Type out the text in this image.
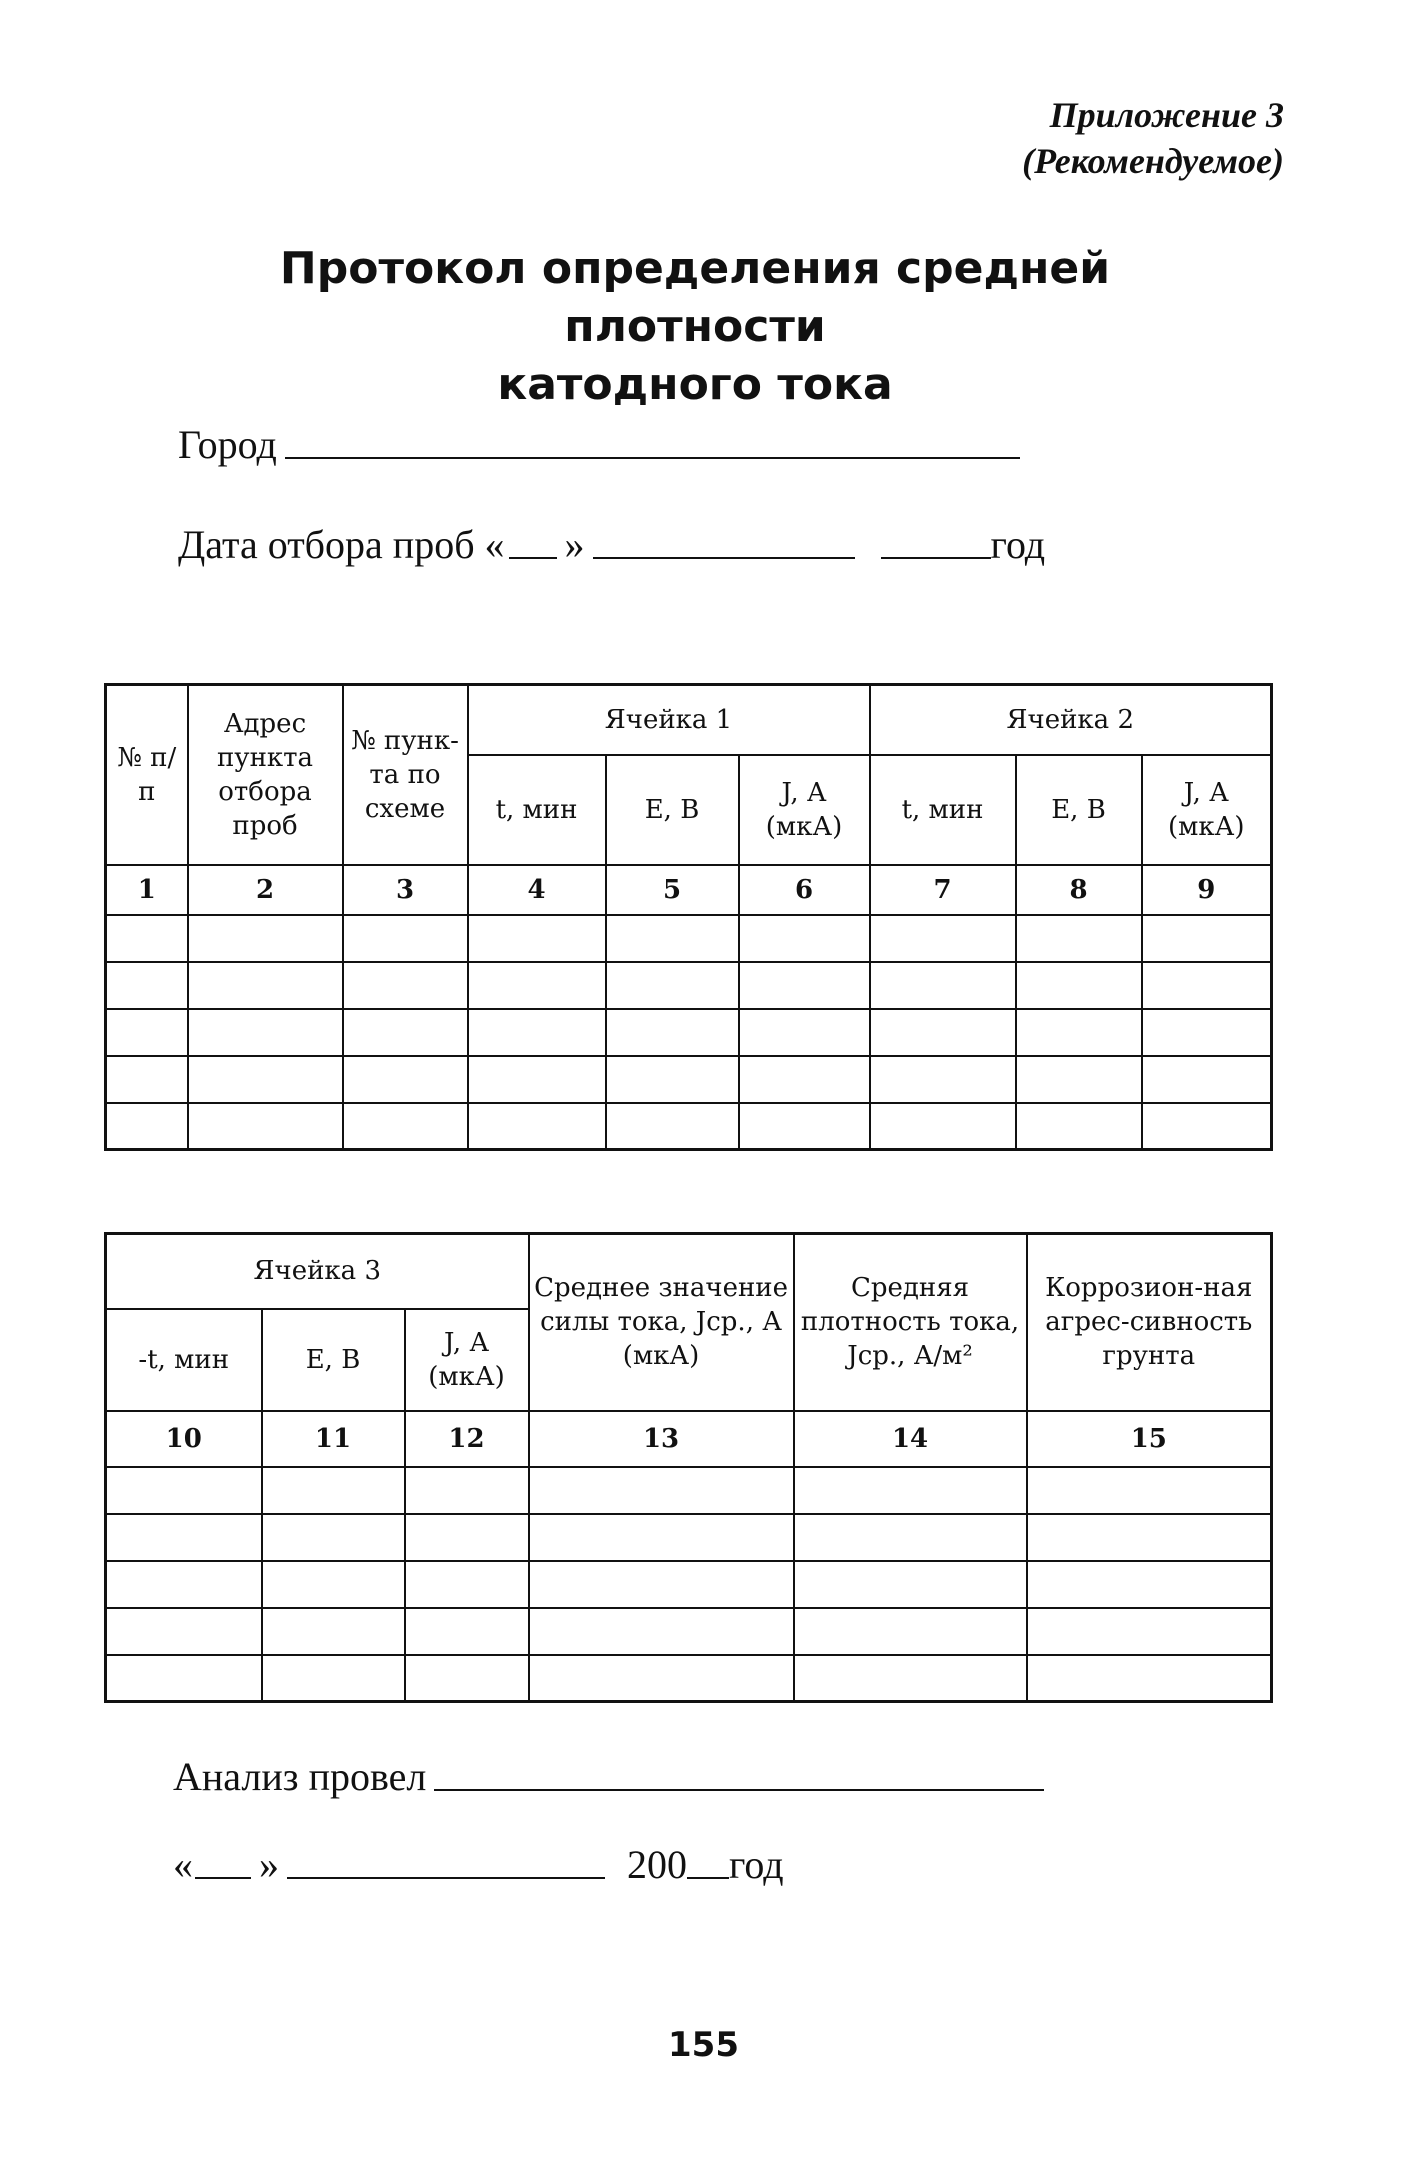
Приложение 3
(Рекомендуемое)
Протокол определения средней плотности
катодного тока
Город
Дата отбора проб « »	год
№ п/п	Адрес пункта отбора проб	№ пунк-та по схеме	Ячейка 1			Ячейка 2		
			t, мин	E, В	J, А (мкА)	t, мин	E, В	J, А (мкА)
1	2	3	4	5	6	7	8	9

Ячейка 3			Среднее значение силы тока, Jср., А (мкА)	Средняя плотность тока, Jср., А/м²	Коррозион-ная агрес-сивность грунта
-t, мин	E, В	J, А (мкА)			
10	11	12	13	14	15

Анализ провел
« »	200 год
155
